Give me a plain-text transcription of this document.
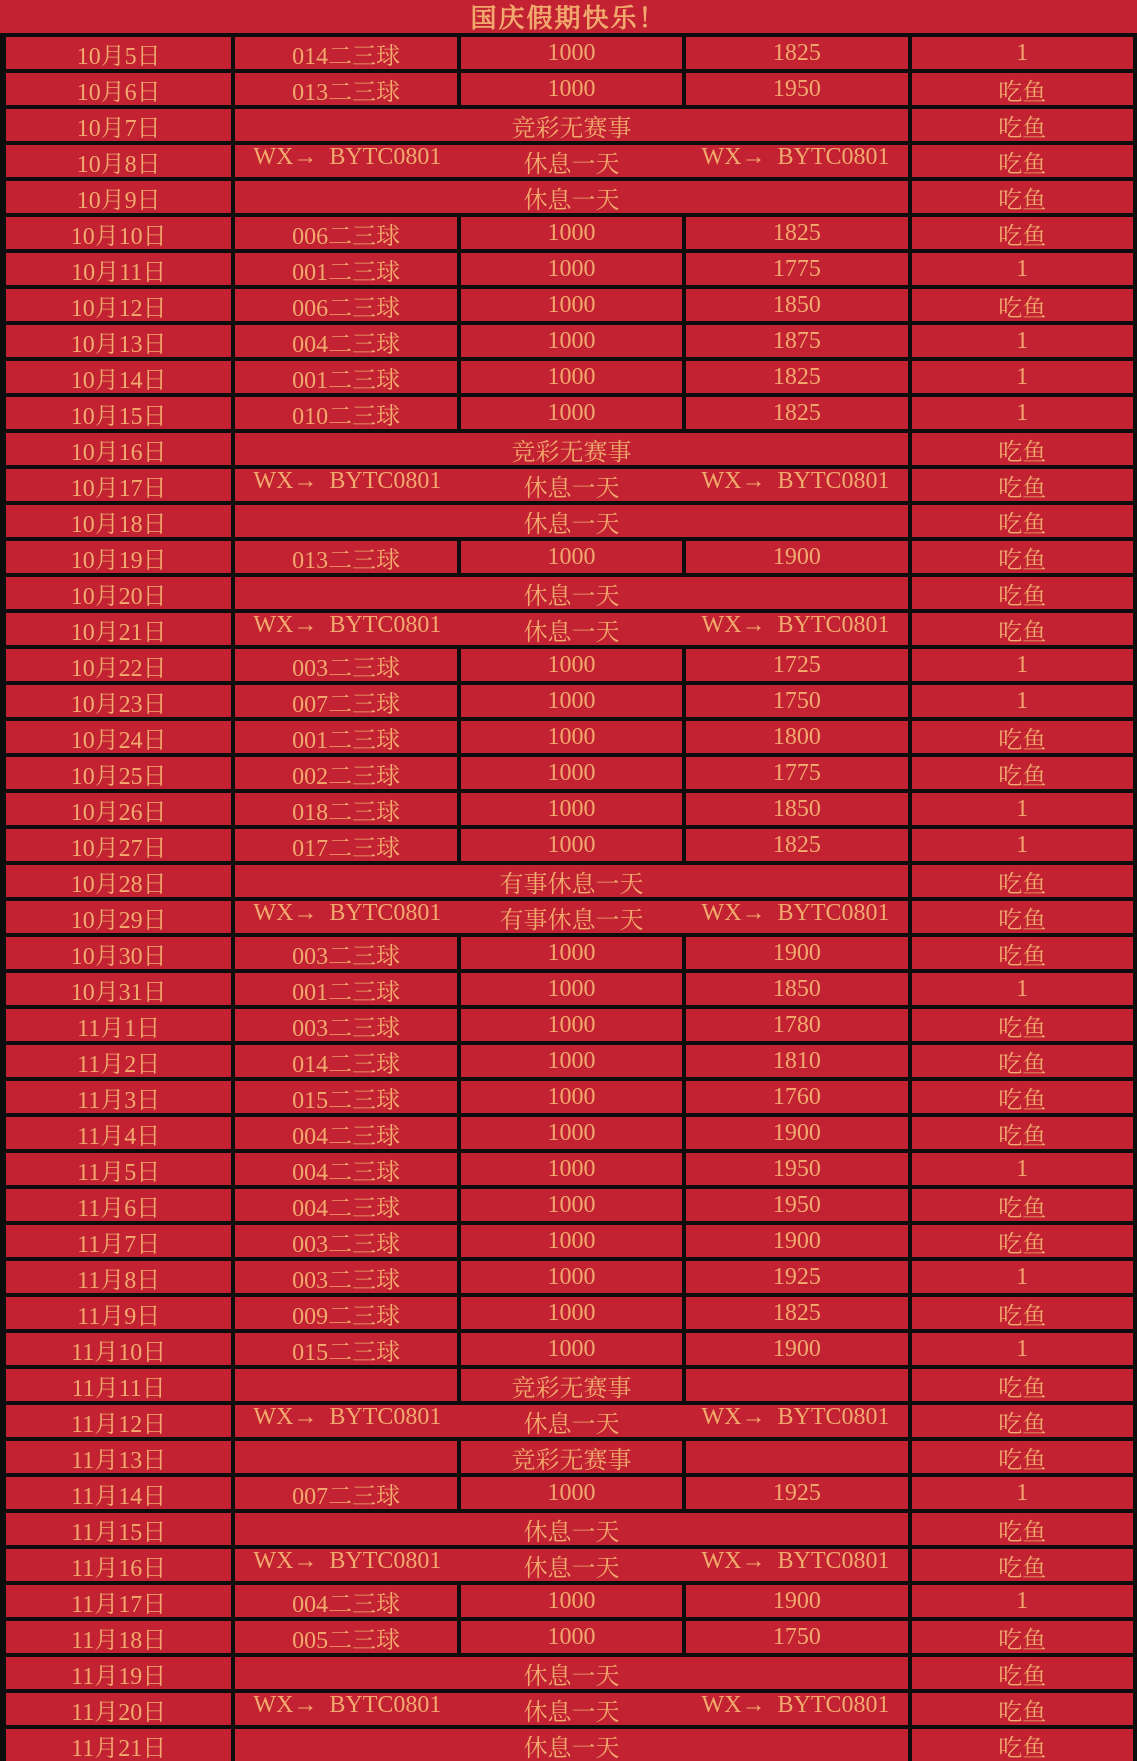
国庆假期快乐！
10月5日	014二三球	1000	1825	1
10月6日	013二三球	1000	1950	吃鱼
10月7日	竞彩无赛事	吃鱼
10月8日	WX→  BYTC0801	休息一天	WX→  BYTC0801	吃鱼
10月9日	休息一天	吃鱼
10月10日	006二三球	1000	1825	吃鱼
10月11日	001二三球	1000	1775	1
10月12日	006二三球	1000	1850	吃鱼
10月13日	004二三球	1000	1875	1
10月14日	001二三球	1000	1825	1
10月15日	010二三球	1000	1825	1
10月16日	竞彩无赛事	吃鱼
10月17日	WX→  BYTC0801	休息一天	WX→  BYTC0801	吃鱼
10月18日	休息一天	吃鱼
10月19日	013二三球	1000	1900	吃鱼
10月20日	休息一天	吃鱼
10月21日	WX→  BYTC0801	休息一天	WX→  BYTC0801	吃鱼
10月22日	003二三球	1000	1725	1
10月23日	007二三球	1000	1750	1
10月24日	001二三球	1000	1800	吃鱼
10月25日	002二三球	1000	1775	吃鱼
10月26日	018二三球	1000	1850	1
10月27日	017二三球	1000	1825	1
10月28日	有事休息一天	吃鱼
10月29日	WX→  BYTC0801	有事休息一天	WX→  BYTC0801	吃鱼
10月30日	003二三球	1000	1900	吃鱼
10月31日	001二三球	1000	1850	1
11月1日	003二三球	1000	1780	吃鱼
11月2日	014二三球	1000	1810	吃鱼
11月3日	015二三球	1000	1760	吃鱼
11月4日	004二三球	1000	1900	吃鱼
11月5日	004二三球	1000	1950	1
11月6日	004二三球	1000	1950	吃鱼
11月7日	003二三球	1000	1900	吃鱼
11月8日	003二三球	1000	1925	1
11月9日	009二三球	1000	1825	吃鱼
11月10日	015二三球	1000	1900	1
11月11日	竞彩无赛事	吃鱼
11月12日	WX→  BYTC0801	休息一天	WX→  BYTC0801	吃鱼
11月13日	竞彩无赛事	吃鱼
11月14日	007二三球	1000	1925	1
11月15日	休息一天	吃鱼
11月16日	WX→  BYTC0801	休息一天	WX→  BYTC0801	吃鱼
11月17日	004二三球	1000	1900	1
11月18日	005二三球	1000	1750	吃鱼
11月19日	休息一天	吃鱼
11月20日	WX→  BYTC0801	休息一天	WX→  BYTC0801	吃鱼
11月21日	休息一天	吃鱼
